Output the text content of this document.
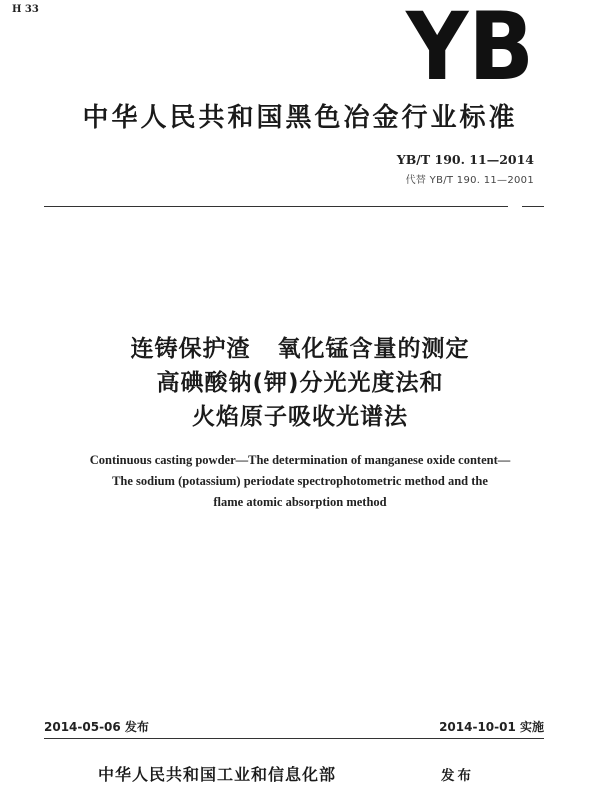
H 33	YB
中华人民共和国黑色冶金行业标准
YB/T 190. 11—2014
代替 YB/T 190. 11—2001
连铸保护渣   氧化锰含量的测定
高碘酸钠(钾)分光光度法和
火焰原子吸收光谱法
Continuous casting powder—The determination of manganese oxide content—
The sodium (potassium) periodate spectrophotometric method and the
flame atomic absorption method
2014-05-06 发布	2014-10-01 实施
中华人民共和国工业和信息化部	发布
